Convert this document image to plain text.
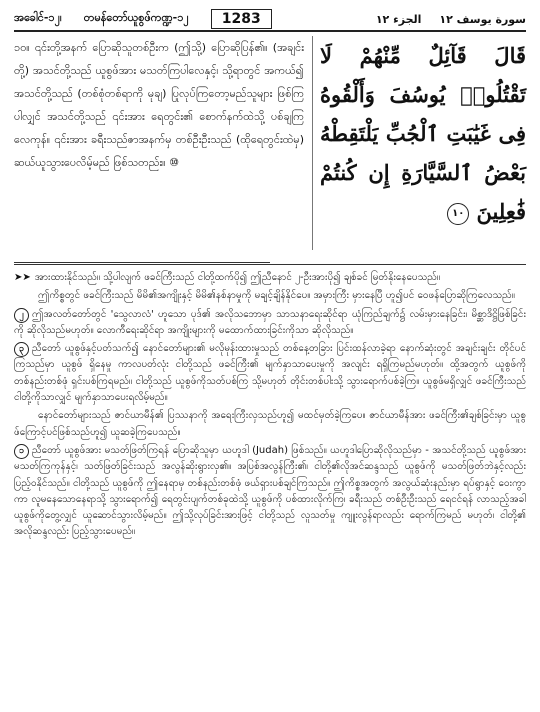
အခေါင်-၁၂၊ တမန်တော်ယူစွဖ်ကဏ္ဍ-၁၂	1283	سورة يوسف ١٢
الجزء ١٢
၁၀။ ၎င်းတို့အနက် ပြောဆိုသူတစ်ဦးက (ဤသို့) ပြောဆိုပြန်၏။ (အချင်းတို့) အသင်တို့သည် ယူစွဖ်အား မသတ်ကြပါလေနှင့်၊ သို့ရာတွင် အကယ်၍ အသင်တို့သည် (တစ်စုံတစ်ရာကို မုချ) ပြုလုပ်ကြတော့မည်သူများ ဖြစ်ကြပါလျှင် အသင်တို့သည် ၎င်းအား ရေတွင်း၏ စောက်နက်ထဲသို့ ပစ်ချကြလေကုန်။ ၎င်းအား ခရီးသည်ဇာအနက်မှ တစ်ဦးဦးသည် (ထိုရေတွင်းထဲမှ) ဆယ်ယူသွားပေလိမ့်မည် ဖြစ်သတည်း။ ⑩
قَالَ قَآئِلٌ مِّنْهُمْ لَا تَقْتُلُوا۟ يُوسُفَ وَأَلْقُوهُ فِى غَيَٰبَتِ ٱلْجُبِّ يَلْتَقِطْهُ بَعْضُ ٱلسَّيَّارَةِ إِن كُنتُمْ فَٰعِلِينَ ١٠

➤➤ အားထားနိုင်သည်။ သို့ပါလျက် ဖခင်ကြီးသည် ငါတို့ထက်ပို၍ ဤညီနောင် ၂-ဦးအားပို၍ ချစ်ခင် မြတ်နိုးနေပေသည်။

ဤကိစ္စတွင် ဖခင်ကြီးသည် မိမိ၏အကျိုးနှင့် မိမိ၏နစ်နာမှုကို မချင့်ချိန်နိုင်ပေ။ အမှားကြီး မှားနေပြီ ဟူ၍ပင် ဝေဖန်ပြောဆိုကြလေသည်။

၂ ဤအလတ်တော်တွင် 'သွေလာလံ' ဟူသော ပုဒ်၏ အလိုသဘောမှာ သာသနာရေးဆိုင်ရာ ယုံကြည်ချက်၌ လမ်းမှားနေခြင်း၊ မိစ္ဆာဒိဋ္ဌိဖြစ်ခြင်းကို ဆိုလိုသည်မဟုတ်။ လောကီရေးဆိုင်ရာ အကျိုးများကို မထောက်ထားခြင်းကိုသာ ဆိုလိုသည်။

၃ ညီတော် ယူစွဖ်နှင့်ပတ်သက်၍ နောင်တော်များ၏ မလိုမုန်းထားမှုသည် တစ်နေ့တခြား ပြင်းထန်လာခဲ့ရာ နောက်ဆုံးတွင် အချင်းချင်း တိုင်ပင်ကြသည်မှာ ယူစွဖ် ရှိနေမှု ကာလပတ်လုံး ငါတို့သည် ဖခင်ကြီး၏ မျက်နှာသာပေးမှုကို အလျင်း ရရှိကြမည်မဟုတ်။ ထို့အတွက် ယူစွဖ်ကို တစ်နည်းတစ်ဖုံ ရှင်းပစ်ကြရမည်။ ငါတို့သည် ယူစွဖ်ကိုသတ်ပစ်ကြ သို့မဟုတ် တိုင်းတစ်ပါးသို့ သွားရောက်ပစ်ခဲ့ကြ။ ယူစွဖ်မရှိလျှင် ဖခင်ကြီးသည် ငါတို့ကိုသာလျှင် မျက်နှာသာပေးရလိမ့်မည်။

နောင်တော်များသည် ဇာင်ယာမီန်၏ ပြဿနာကို အရေးကြီးလှသည်ဟူ၍ မထင်မှတ်ခဲ့ကြပေ။ ဇာင်ယာမီန်အား ဖခင်ကြီး၏ချစ်ခြင်းမှာ ယူစွဖ်ကြောင့်ပင်ဖြစ်သည်ဟူ၍ ယူဆခဲ့ကြပေသည်။

၁ ညီတော် ယူစွဖ်အား မသတ်ဖြတ်ကြရန် ပြောဆိုသူမှာ ယဟူဒါ (Judah) ဖြစ်သည်။ ယဟူဒါပြောဆိုလိုသည်မှာ - အသင်တို့သည် ယူစွဖ်အား မသတ်ကြကုန်နှင့်၊ သတ်ဖြတ်ခြင်းသည် အလွန်ဆိုးရွားလှ၏။ အပြစ်အလွန်ကြီး၏၊ ငါတို့၏လိုအင်ဆန္ဒသည် ယူစွဖ်ကို မသတ်ဖြတ်ဘဲနှင့်လည်း ပြည့်ဝနိုင်သည်။ ငါတို့သည် ယူစွဖ်ကို ဤနေရာမှ တစ်နည်းတစ်ဖုံ ဖယ်ရှားပစ်ချင်ကြသည်။ ဤကိစ္စအတွက် အလွယ်ဆုံးနည်းမှာ ရပ်ရွာနှင့် ဝေးကွာကာ လူမနေသောနေရာသို့ သွားရောက်၍ ရေတွင်းပျက်တစ်ခုထဲသို့ ယူစွဖ်ကို ပစ်ထားလိုက်ကြ၊ ခရီးသည် တစ်ဦးဦးသည် ရေငင်ရန် လာသည့်အခါ ယူစွဖ်ကိုတွေ့လျှင် ယူဆောင်သွားလိမ့်မည်။ ဤသို့လုပ်ခြင်းအားဖြင့် ငါတို့သည် လူသတ်မှု ကျူးလွန်ရာလည်း ရောက်ကြမည် မဟုတ်၊ ငါတို့၏ အလိုဆန္ဒလည်း ပြည့်သွားပေမည်။
